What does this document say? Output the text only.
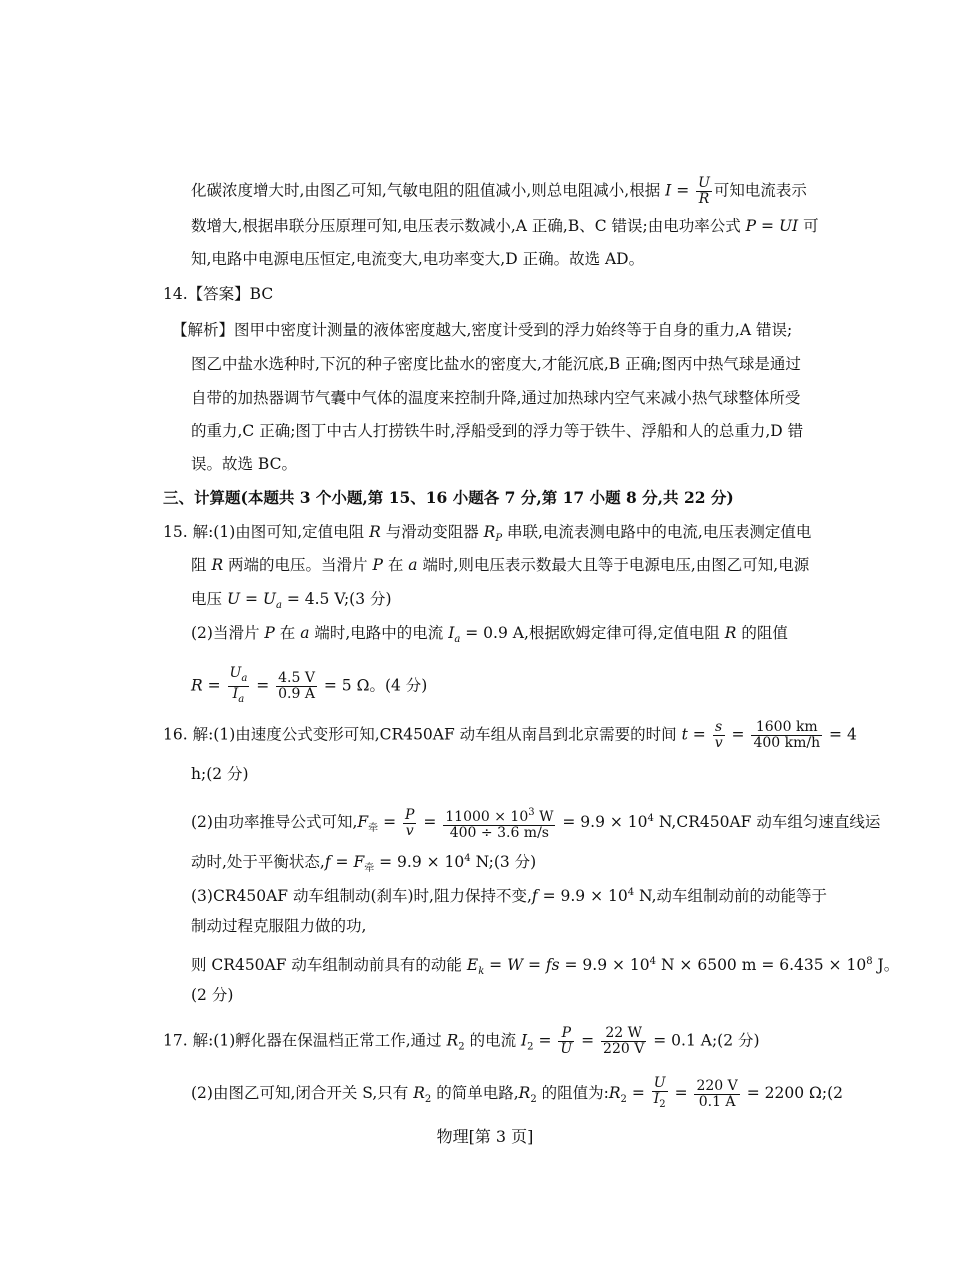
化碳浓度增大时,由图乙可知,气敏电阻的阻值减小,则总电阻减小,根据 $I = \frac{U}{R}$ 可知电流表示
数增大,根据串联分压原理可知,电压表示数减小,A 正确,B、C 错误;由电功率公式 P = UI 可
知,电路中电源电压恒定,电流变大,电功率变大,D 正确。故选 AD。
14.【答案】BC
【解析】图甲中密度计测量的液体密度越大,密度计受到的浮力始终等于自身的重力,A 错误;
图乙中盐水选种时,下沉的种子密度比盐水的密度大,才能沉底,B 正确;图丙中热气球是通过
自带的加热器调节气囊中气体的温度来控制升降,通过加热球内空气来减小热气球整体所受
的重力,C 正确;图丁中古人打捞铁牛时,浮船受到的浮力等于铁牛、浮船和人的总重力,D 错
误。故选 BC。
三、计算题(本题共 3 个小题,第 15、16 小题各 7 分,第 17 小题 8 分,共 22 分)
15. 解:(1)由图可知,定值电阻 R 与滑动变阻器 $R_P$ 串联,电流表测电路中的电流,电压表测定值电
阻 R 两端的电压。当滑片 P 在 a 端时,则电压表示数最大且等于电源电压,由图乙可知,电源
电压 $U = U_a = 4.5$ V;(3 分)
(2)当滑片 P 在 a 端时,电路中的电流 $I_a = 0.9$ A,根据欧姆定律可得,定值电阻 R 的阻值
$R = \frac{U_a}{I_a} = \frac{4.5 V}{0.9 A} = 5$ Ω。(4 分)
16. 解:(1)由速度公式变形可知,CR450AF 动车组从南昌到北京需要的时间 $t = \frac{s}{v} = \frac{1600 km}{400 km/h} = 4$
h;(2 分)
(2)由功率推导公式可知$,F_牵 = \frac{P}{v} = \frac{11000 \times 10^3 W}{400 \div 3.6 m/s} = 9.9 \times 10^4$ N,CR450AF 动车组匀速直线运
动时,处于平衡状态$,f = F_牵 = 9.9 \times 10^4$ N;(3 分)
(3)CR450AF 动车组制动(刹车)时,阻力保持不变$,f = 9.9 \times 10^4$ N,动车组制动前的动能等于
制动过程克服阻力做的功,
则 CR450AF 动车组制动前具有的动能 $E_k = W$ = fs = $9.9 \times 10^4$ N × 6500 $m = 6.435 \times 10^8$ J。
(2 分)
17. 解:(1)孵化器在保温档正常工作,通过 $R_2$ 的电流 $I_2 = \frac{P}{U} = \frac{22 W}{220 V} = 0.1$ A;(2 分)
(2)由图乙可知,闭合开关 S,只有 $R_2$ 的简单电路$,R_2$ 的阻值为$:R_2 = \frac{U}{I_2} = \frac{220 V}{0.1 A} = 2200$ Ω;(2
物理[第 3 页]
